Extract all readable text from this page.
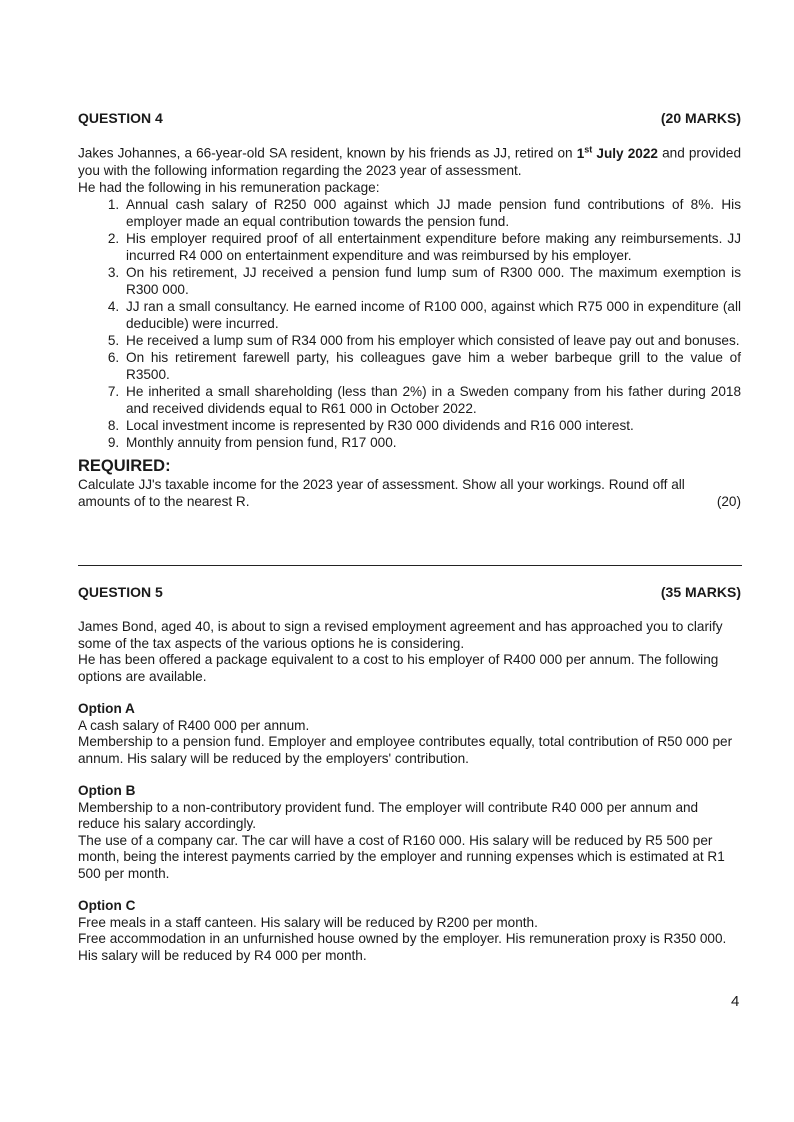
QUESTION 4	(20 MARKS)

Jakes Johannes, a 66-year-old SA resident, known by his friends as JJ, retired on 1st July 2022 and provided you with the following information regarding the 2023 year of assessment.

He had the following in his remuneration package:

1. Annual cash salary of R250 000 against which JJ made pension fund contributions of 8%. His employer made an equal contribution towards the pension fund.
2. His employer required proof of all entertainment expenditure before making any reimbursements. JJ incurred R4 000 on entertainment expenditure and was reimbursed by his employer.
3. On his retirement, JJ received a pension fund lump sum of R300 000. The maximum exemption is R300 000.
4. JJ ran a small consultancy. He earned income of R100 000, against which R75 000 in expenditure (all deducible) were incurred.
5. He received a lump sum of R34 000 from his employer which consisted of leave pay out and bonuses.
6. On his retirement farewell party, his colleagues gave him a weber barbeque grill to the value of R3500.
7. He inherited a small shareholding (less than 2%) in a Sweden company from his father during 2018 and received dividends equal to R61 000 in October 2022.
8. Local investment income is represented by R30 000 dividends and R16 000 interest.
9. Monthly annuity from pension fund, R17 000.
REQUIRED:

Calculate JJ's taxable income for the 2023 year of assessment. Show all your workings. Round off all

amounts of to the nearest R.	(20)
QUESTION 5	(35 MARKS)

James Bond, aged 40, is about to sign a revised employment agreement and has approached you to clarify some of the tax aspects of the various options he is considering.

He has been offered a package equivalent to a cost to his employer of R400 000 per annum. The following options are available.

Option A

A cash salary of R400 000 per annum.

Membership to a pension fund. Employer and employee contributes equally, total contribution of R50 000 per annum. His salary will be reduced by the employers' contribution.

Option B

Membership to a non-contributory provident fund. The employer will contribute R40 000 per annum and reduce his salary accordingly.

The use of a company car. The car will have a cost of R160 000. His salary will be reduced by R5 500 per month, being the interest payments carried by the employer and running expenses which is estimated at R1 500 per month.

Option C

Free meals in a staff canteen. His salary will be reduced by R200 per month.

Free accommodation in an unfurnished house owned by the employer. His remuneration proxy is R350 000. His salary will be reduced by R4 000 per month.

4
